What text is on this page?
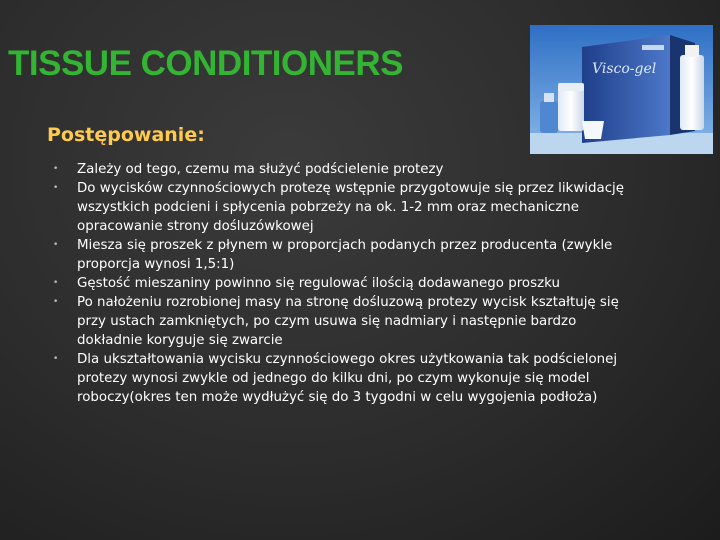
TISSUE CONDITIONERS	Visco-gel
Postępowanie:
• Zależy od tego, czemu ma służyć podścielenie protezy
• Do wycisków czynnościowych protezę wstępnie przygotowuje się przez likwidację wszystkich podcieni i spłycenia pobrzeży na ok. 1-2 mm oraz mechaniczne opracowanie strony dośluzówkowej
• Miesza się proszek z płynem w proporcjach podanych przez producenta (zwykle proporcja wynosi 1,5:1)
• Gęstość mieszaniny powinno się regulować ilością dodawanego proszku
• Po nałożeniu rozrobionej masy na stronę dośluzową protezy wycisk kształtuję się przy ustach zamkniętych, po czym usuwa się nadmiary i następnie bardzo dokładnie koryguje się zwarcie
• Dla ukształtowania wycisku czynnościowego okres użytkowania tak podścielonej protezy wynosi zwykle od jednego do kilku dni, po czym wykonuje się model roboczy(okres ten może wydłużyć się do 3 tygodni w celu wygojenia podłoża)
